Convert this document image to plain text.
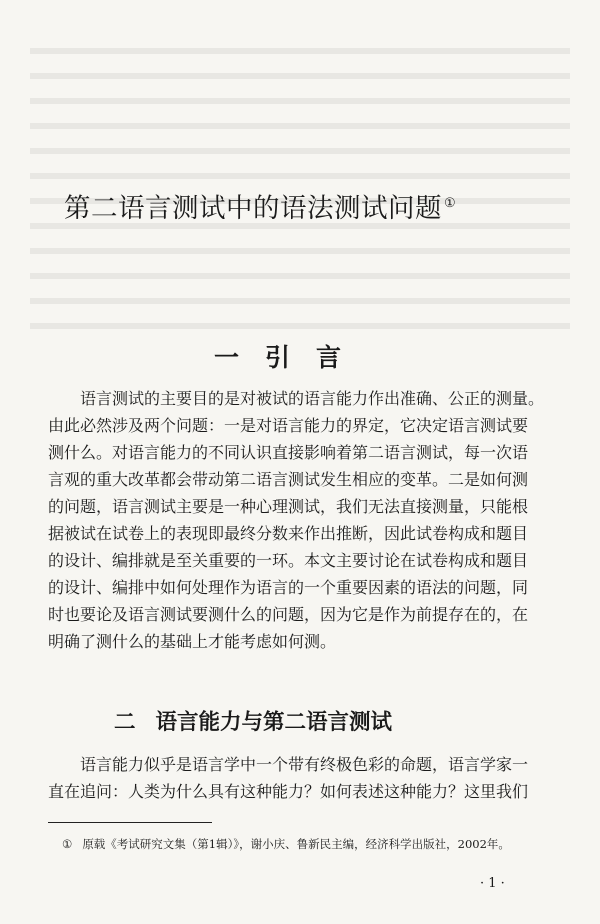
第二语言测试中的语法测试问题 ①
一引言
　　语言测试的主要目的是对被试的语言能力作出准确、公正的测量。
由此必然涉及两个问题：一是对语言能力的界定，它决定语言测试要
测什么。对语言能力的不同认识直接影响着第二语言测试，每一次语
言观的重大改革都会带动第二语言测试发生相应的变革。二是如何测
的问题，语言测试主要是一种心理测试，我们无法直接测量，只能根
据被试在试卷上的表现即最终分数来作出推断，因此试卷构成和题目
的设计、编排就是至关重要的一环。本文主要讨论在试卷构成和题目
的设计、编排中如何处理作为语言的一个重要因素的语法的问题，同
时也要论及语言测试要测什么的问题，因为它是作为前提存在的，在
明确了测什么的基础上才能考虑如何测。
二 语言能力与第二语言测试
　　语言能力似乎是语言学中一个带有终极色彩的命题，语言学家一
直在追问：人类为什么具有这种能力？如何表述这种能力？这里我们

① 原载《考试研究文集（第1辑）》，谢小庆、鲁新民主编，经济科学出版社，2002年。

· 1 ·
